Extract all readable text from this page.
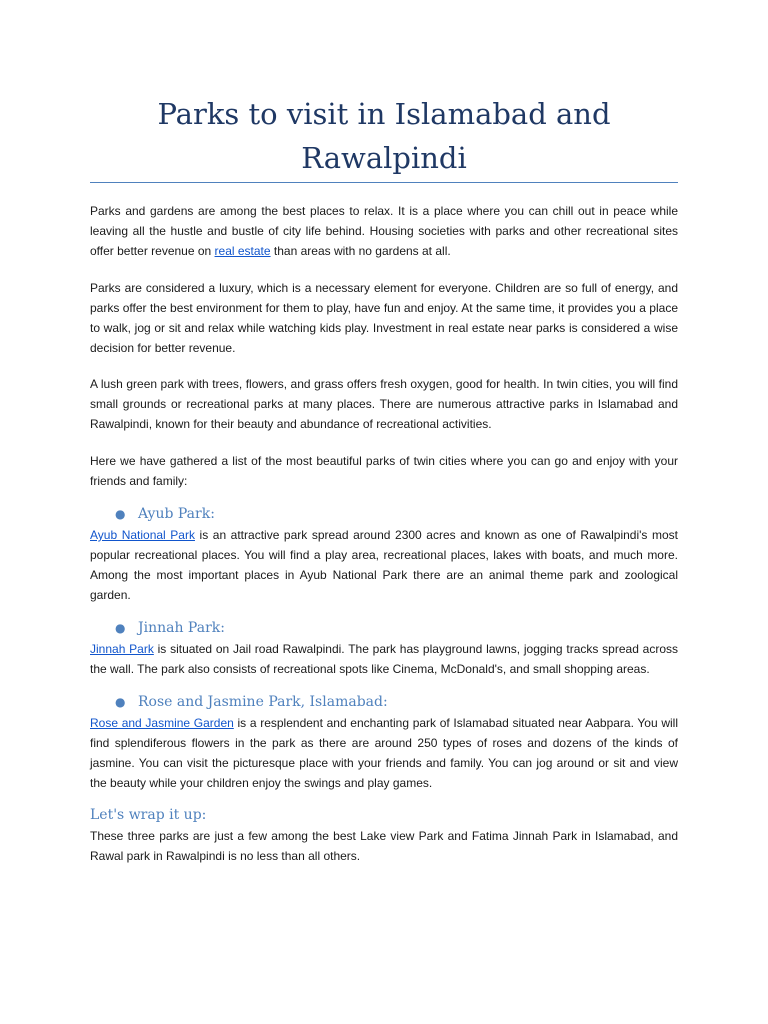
Parks to visit in Islamabad and Rawalpindi

Parks and gardens are among the best places to relax. It is a place where you can chill out in peace while leaving all the hustle and bustle of city life behind. Housing societies with parks and other recreational sites offer better revenue on real estate than areas with no gardens at all.

Parks are considered a luxury, which is a necessary element for everyone. Children are so full of energy, and parks offer the best environment for them to play, have fun and enjoy. At the same time, it provides you a place to walk, jog or sit and relax while watching kids play. Investment in real estate near parks is considered a wise decision for better revenue.

A lush green park with trees, flowers, and grass offers fresh oxygen, good for health. In twin cities, you will find small grounds or recreational parks at many places. There are numerous attractive parks in Islamabad and Rawalpindi, known for their beauty and abundance of recreational activities.

Here we have gathered a list of the most beautiful parks of twin cities where you can go and enjoy with your friends and family:

● Ayub Park:

Ayub National Park is an attractive park spread around 2300 acres and known as one of Rawalpindi's most popular recreational places. You will find a play area, recreational places, lakes with boats, and much more. Among the most important places in Ayub National Park there are an animal theme park and zoological garden.

● Jinnah Park:

Jinnah Park is situated on Jail road Rawalpindi. The park has playground lawns, jogging tracks spread across the wall. The park also consists of recreational spots like Cinema, McDonald's, and small shopping areas.

● Rose and Jasmine Park, Islamabad:

Rose and Jasmine Garden is a resplendent and enchanting park of Islamabad situated near Aabpara. You will find splendiferous flowers in the park as there are around 250 types of roses and dozens of the kinds of jasmine. You can visit the picturesque place with your friends and family. You can jog around or sit and view the beauty while your children enjoy the swings and play games.

Let's wrap it up:

These three parks are just a few among the best Lake view Park and Fatima Jinnah Park in Islamabad, and Rawal park in Rawalpindi is no less than all others.
